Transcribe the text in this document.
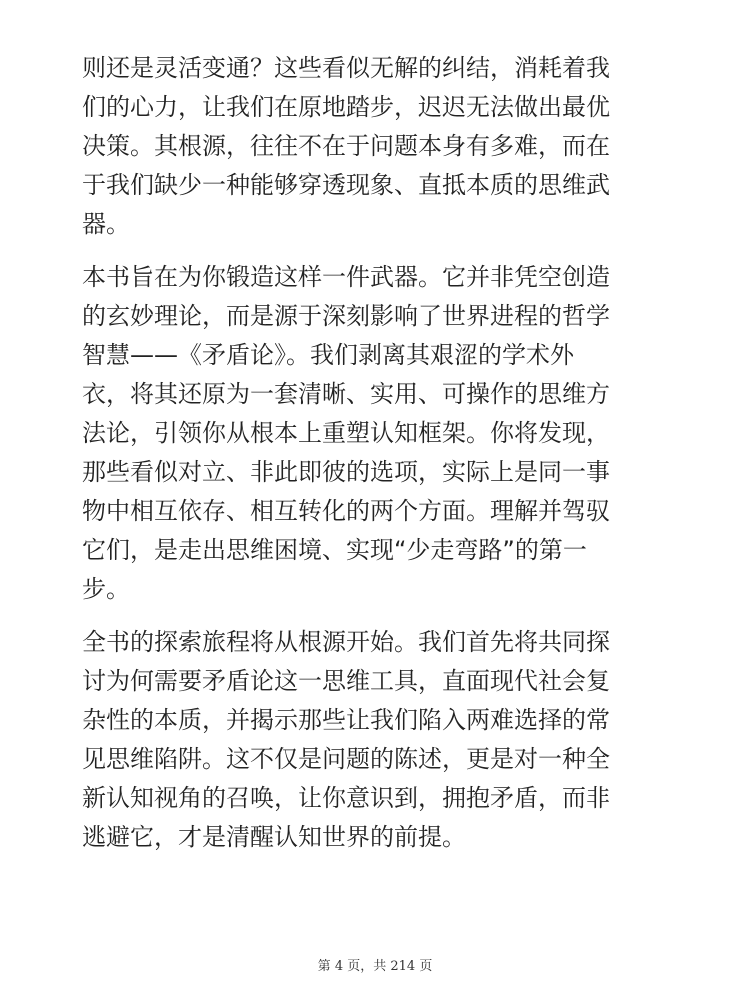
则还是灵活变通？这些看似无解的纠结，消耗着我
们的心力，让我们在原地踏步，迟迟无法做出最优
决策。其根源，往往不在于问题本身有多难，而在
于我们缺少一种能够穿透现象、直抵本质的思维武
器。
本书旨在为你锻造这样一件武器。它并非凭空创造
的玄妙理论，而是源于深刻影响了世界进程的哲学
智慧——《矛盾论》。我们剥离其艰涩的学术外
衣，将其还原为一套清晰、实用、可操作的思维方
法论，引领你从根本上重塑认知框架。你将发现，
那些看似对立、非此即彼的选项，实际上是同一事
物中相互依存、相互转化的两个方面。理解并驾驭
它们，是走出思维困境、实现“少走弯路”的第一
步。
全书的探索旅程将从根源开始。我们首先将共同探
讨为何需要矛盾论这一思维工具，直面现代社会复
杂性的本质，并揭示那些让我们陷入两难选择的常
见思维陷阱。这不仅是问题的陈述，更是对一种全
新认知视角的召唤，让你意识到，拥抱矛盾，而非
逃避它，才是清醒认知世界的前提。
第 4 页，共 214 页
